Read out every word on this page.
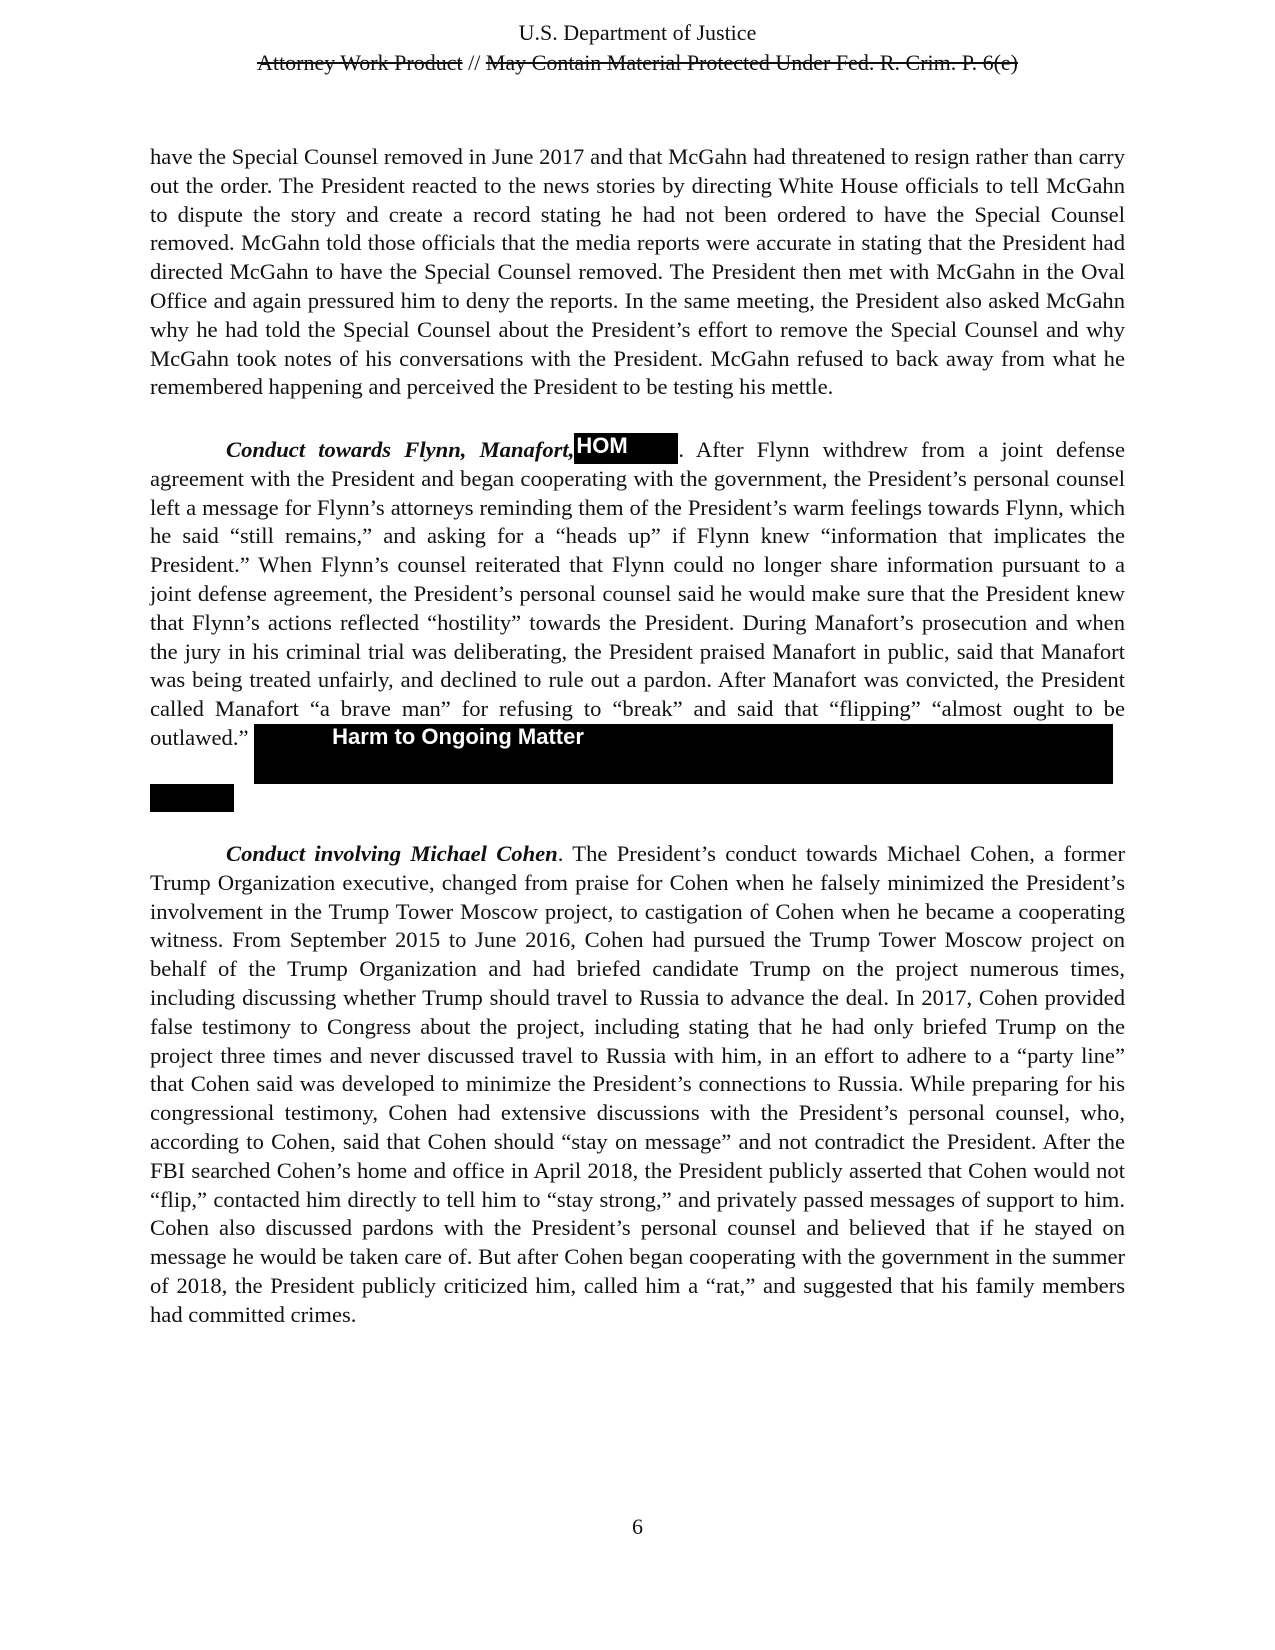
U.S. Department of Justice
Attorney Work Product // May Contain Material Protected Under Fed. R. Crim. P. 6(e)

have the Special Counsel removed in June 2017 and that McGahn had threatened to resign rather than carry out the order. The President reacted to the news stories by directing White House officials to tell McGahn to dispute the story and create a record stating he had not been ordered to have the Special Counsel removed. McGahn told those officials that the media reports were accurate in stating that the President had directed McGahn to have the Special Counsel removed. The President then met with McGahn in the Oval Office and again pressured him to deny the reports. In the same meeting, the President also asked McGahn why he had told the Special Counsel about the President’s effort to remove the Special Counsel and why McGahn took notes of his conversations with the President. McGahn refused to back away from what he remembered happening and perceived the President to be testing his mettle.

Conduct towards Flynn, Manafort,HOM . After Flynn withdrew from a joint defense agreement with the President and began cooperating with the government, the President’s personal counsel left a message for Flynn’s attorneys reminding them of the President’s warm feelings towards Flynn, which he said “still remains,” and asking for a “heads up” if Flynn knew “information that implicates the President.” When Flynn’s counsel reiterated that Flynn could no longer share information pursuant to a joint defense agreement, the President’s personal counsel said he would make sure that the President knew that Flynn’s actions reflected “hostility” towards the President. During Manafort’s prosecution and when the jury in his criminal trial was deliberating, the President praised Manafort in public, said that Manafort was being treated unfairly, and declined to rule out a pardon. After Manafort was convicted, the President called Manafort “a brave man” for refusing to “break” and said that “flipping” “almost ought to be outlawed.”	Harm to Ongoing Matter

Conduct involving Michael Cohen. The President’s conduct towards Michael Cohen, a former Trump Organization executive, changed from praise for Cohen when he falsely minimized the President’s involvement in the Trump Tower Moscow project, to castigation of Cohen when he became a cooperating witness. From September 2015 to June 2016, Cohen had pursued the Trump Tower Moscow project on behalf of the Trump Organization and had briefed candidate Trump on the project numerous times, including discussing whether Trump should travel to Russia to advance the deal. In 2017, Cohen provided false testimony to Congress about the project, including stating that he had only briefed Trump on the project three times and never discussed travel to Russia with him, in an effort to adhere to a “party line” that Cohen said was developed to minimize the President’s connections to Russia. While preparing for his congressional testimony, Cohen had extensive discussions with the President’s personal counsel, who, according to Cohen, said that Cohen should “stay on message” and not contradict the President. After the FBI searched Cohen’s home and office in April 2018, the President publicly asserted that Cohen would not “flip,” contacted him directly to tell him to “stay strong,” and privately passed messages of support to him. Cohen also discussed pardons with the President’s personal counsel and believed that if he stayed on message he would be taken care of. But after Cohen began cooperating with the government in the summer of 2018, the President publicly criticized him, called him a “rat,” and suggested that his family members had committed crimes.

6
